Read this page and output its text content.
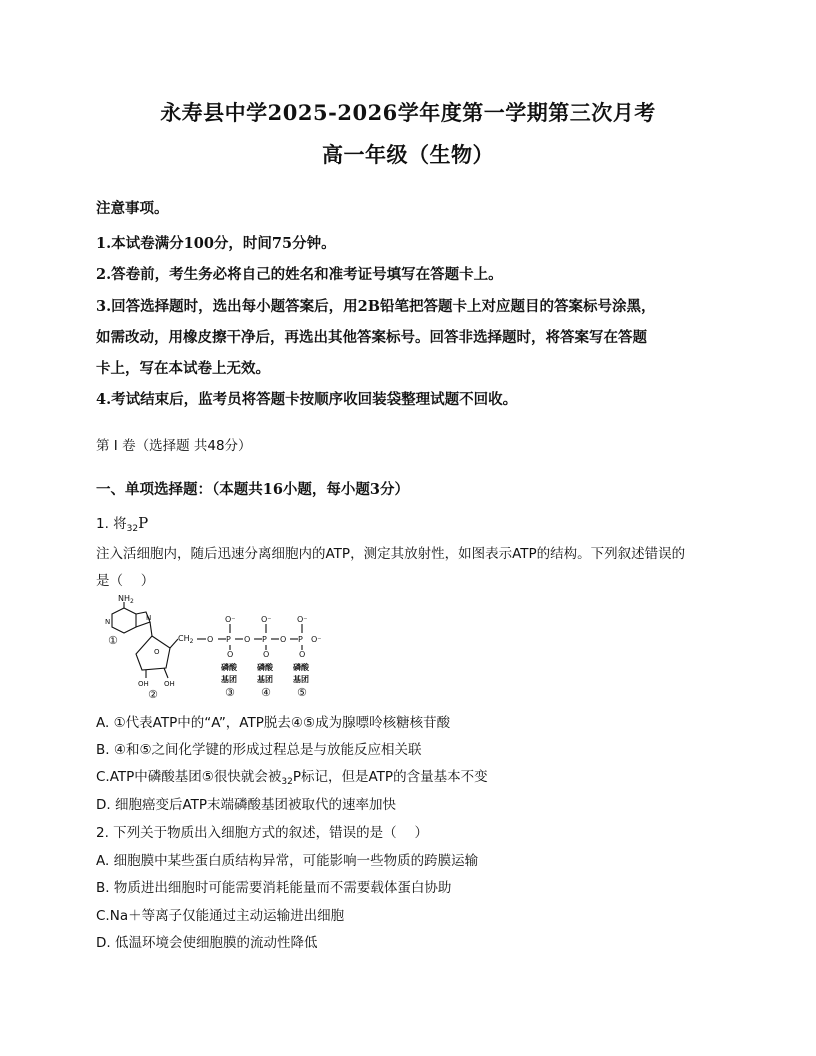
永寿县中学2025-2026学年度第一学期第三次月考
高一年级（生物）
注意事项。
1.本试卷满分100分，时间75分钟。
2.答卷前，考生务必将自己的姓名和准考证号填写在答题卡上。
3.回答选择题时，选出每小题答案后，用2B铅笔把答题卡上对应题目的答案标号涂黑，
如需改动，用橡皮擦干净后，再选出其他答案标号。回答非选择题时，将答案写在答题
卡上，写在本试卷上无效。
4.考试结束后，监考员将答题卡按顺序收回装袋整理试题不回收。
第 I 卷（选择题 共48分）
一、单项选择题：（本题共16小题，每小题3分）
1. 将$_{32}$P
注入活细胞内，随后迅速分离细胞内的ATP，测定其放射性，如图表示ATP的结构。下列叙述错误的
是（　 ）
$NH_2$
N	N
①
O
$CH_2$ O P O P O P O⁻
O⁻	O⁻	O⁻
O	O	O
OH OH
②
磷酸
基团
③
磷酸
基团
④
磷酸
基团
⑤
A. ①代表ATP中的“A”，ATP脱去④⑤成为腺嘌呤核糖核苷酸
B. ④和⑤之间化学键的形成过程总是与放能反应相关联
C.ATP中磷酸基团⑤很快就会被$_{32}$P标记，但是ATP的含量基本不变
D. 细胞癌变后ATP末端磷酸基团被取代的速率加快
2. 下列关于物质出入细胞方式的叙述，错误的是（　 ）
A. 细胞膜中某些蛋白质结构异常，可能影响一些物质的跨膜运输
B. 物质进出细胞时可能需要消耗能量而不需要载体蛋白协助
C.Na＋等离子仅能通过主动运输进出细胞
D. 低温环境会使细胞膜的流动性降低
